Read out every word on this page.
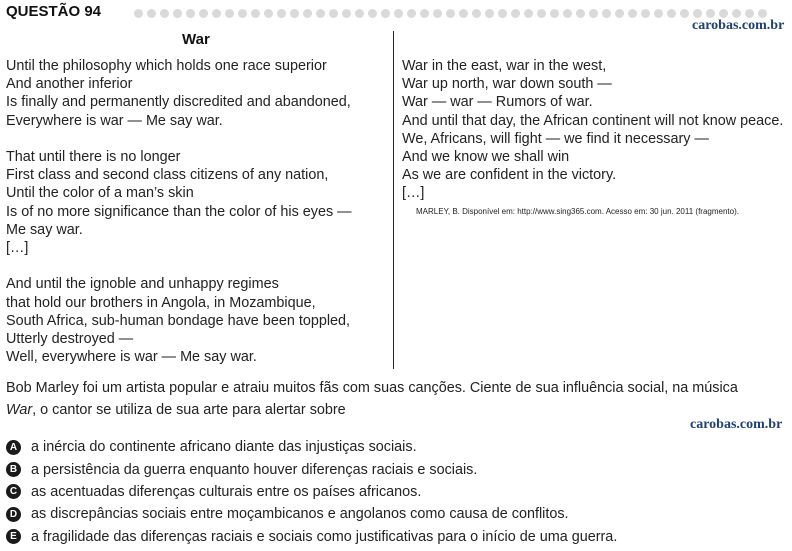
QUESTÃO 94
carobas.com.br
War
Until the philosophy which holds one race superior
And another inferior
Is finally and permanently discredited and abandoned,
Everywhere is war — Me say war.
That until there is no longer
First class and second class citizens of any nation,
Until the color of a man’s skin
Is of no more significance than the color of his eyes —
Me say war.
[…]
And until the ignoble and unhappy regimes
that hold our brothers in Angola, in Mozambique,
South Africa, sub-human bondage have been toppled,
Utterly destroyed —
Well, everywhere is war — Me say war.
War in the east, war in the west,
War up north, war down south —
War — war — Rumors of war.
And until that day, the African continent will not know peace.
We, Africans, will fight — we find it necessary —
And we know we shall win
As we are confident in the victory.
[…]
MARLEY, B. Disponível em: http://www.sing365.com. Acesso em: 30 jun. 2011 (fragmento).
Bob Marley foi um artista popular e atraiu muitos fãs com suas canções. Ciente de sua influência social, na música
War, o cantor se utiliza de sua arte para alertar sobre
carobas.com.br
A a inércia do continente africano diante das injustiças sociais.
B a persistência da guerra enquanto houver diferenças raciais e sociais.
C as acentuadas diferenças culturais entre os países africanos.
D as discrepâncias sociais entre moçambicanos e angolanos como causa de conflitos.
E a fragilidade das diferenças raciais e sociais como justificativas para o início de uma guerra.
